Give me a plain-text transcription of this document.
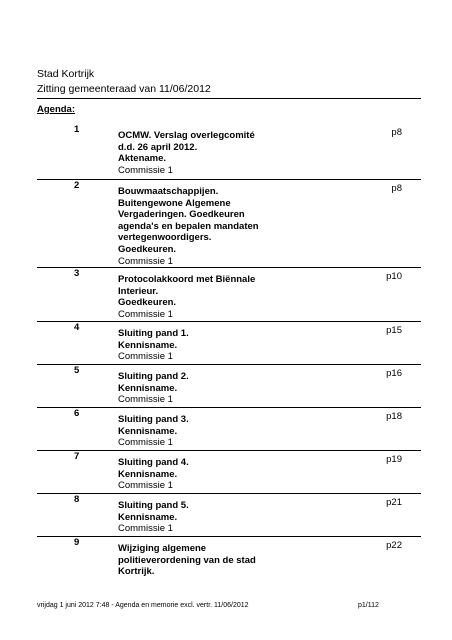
Stad Kortrijk
Zitting gemeenteraad van 11/06/2012
Agenda:
1
OCMW. Verslag overlegcomité
d.d. 26 april 2012.
Aktename.
Commissie 1
p8
2
Bouwmaatschappijen.
Buitengewone Algemene
Vergaderingen. Goedkeuren
agenda's en bepalen mandaten
vertegenwoordigers.
Goedkeuren.
Commissie 1
p8
3
Protocolakkoord met Biënnale
Interieur.
Goedkeuren.
Commissie 1
p10
4
Sluiting pand 1.
Kennisname.
Commissie 1
p15
5
Sluiting pand 2.
Kennisname.
Commissie 1
p16
6
Sluiting pand 3.
Kennisname.
Commissie 1
p18
7
Sluiting pand 4.
Kennisname.
Commissie 1
p19
8
Sluiting pand 5.
Kennisname.
Commissie 1
p21
9
Wijziging algemene
politieverordening van de stad
Kortrijk.
p22
vrijdag 1 juni 2012 7:48 - Agenda en memorie excl. vertr. 11/06/2012	p1/112
